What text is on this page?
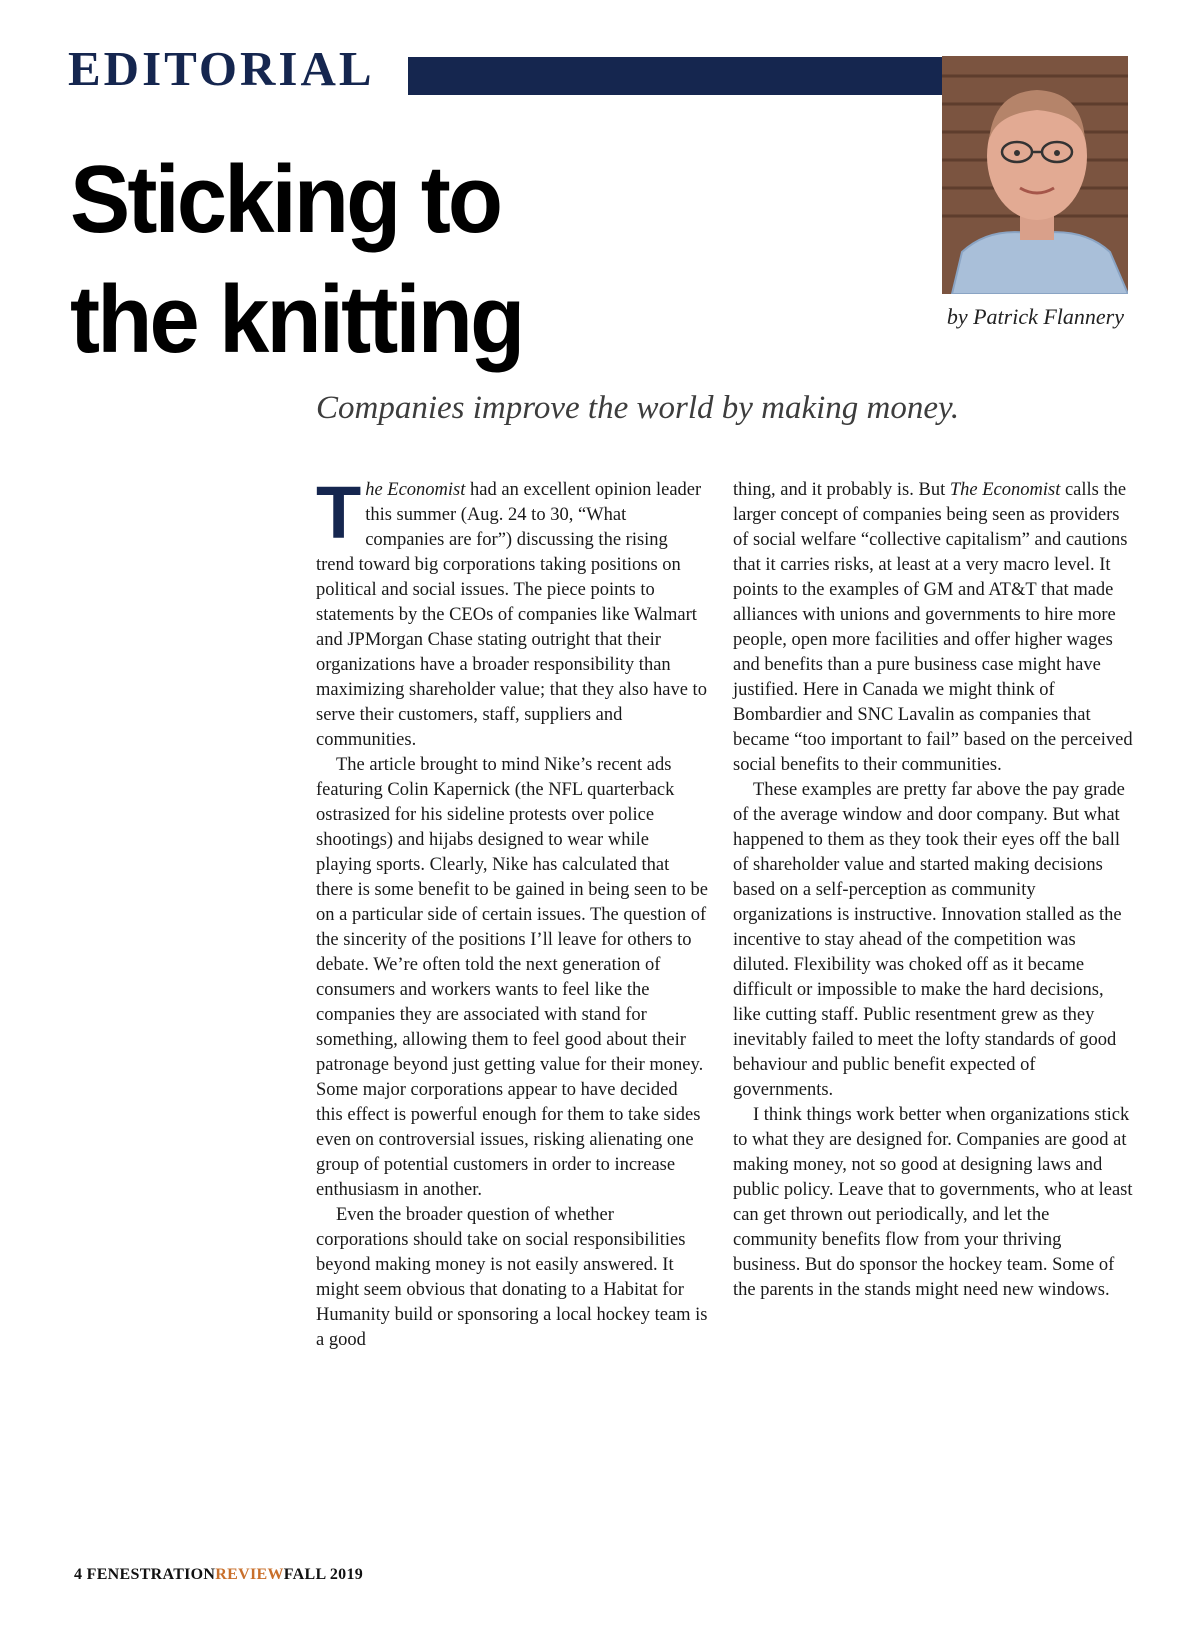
EDITORIAL
Sticking to
the knitting	by Patrick Flannery
Companies improve the world by making money.

The Economist had an excellent opinion leader this summer (Aug. 24 to 30, “What companies are for”) discussing the rising trend toward big corporations taking positions on political and social issues. The piece points to statements by the CEOs of companies like Walmart and JPMorgan Chase stating outright that their organizations have a broader responsibility than maximizing shareholder value; that they also have to serve their customers, staff, suppliers and communities.

The article brought to mind Nike’s recent ads featuring Colin Kapernick (the NFL quarterback ostrasized for his sideline protests over police shootings) and hijabs designed to wear while playing sports. Clearly, Nike has calculated that there is some benefit to be gained in being seen to be on a particular side of certain issues. The question of the sincerity of the positions I’ll leave for others to debate. We’re often told the next generation of consumers and workers wants to feel like the companies they are associated with stand for something, allowing them to feel good about their patronage beyond just getting value for their money. Some major corporations appear to have decided this effect is powerful enough for them to take sides even on controversial issues, risking alienating one group of potential customers in order to increase enthusiasm in another.

Even the broader question of whether corporations should take on social responsibilities beyond making money is not easily answered. It might seem obvious that donating to a Habitat for Humanity build or sponsoring a local hockey team is a good

thing, and it probably is. But The Economist calls the larger concept of companies being seen as providers of social welfare “collective capitalism” and cautions that it carries risks, at least at a very macro level. It points to the examples of GM and AT&T that made alliances with unions and governments to hire more people, open more facilities and offer higher wages and benefits than a pure business case might have justified. Here in Canada we might think of Bombardier and SNC Lavalin as companies that became “too important to fail” based on the perceived social benefits to their communities.

These examples are pretty far above the pay grade of the average window and door company. But what happened to them as they took their eyes off the ball of shareholder value and started making decisions based on a self-perception as community organizations is instructive. Innovation stalled as the incentive to stay ahead of the competition was diluted. Flexibility was choked off as it became difficult or impossible to make the hard decisions, like cutting staff. Public resentment grew as they inevitably failed to meet the lofty standards of good behaviour and public benefit expected of governments.

I think things work better when organizations stick to what they are designed for. Companies are good at making money, not so good at designing laws and public policy. Leave that to governments, who at least can get thrown out periodically, and let the community benefits flow from your thriving business. But do sponsor the hockey team. Some of the parents in the stands might need new windows.

4 FENESTRATIONREVIEWFALL 2019
